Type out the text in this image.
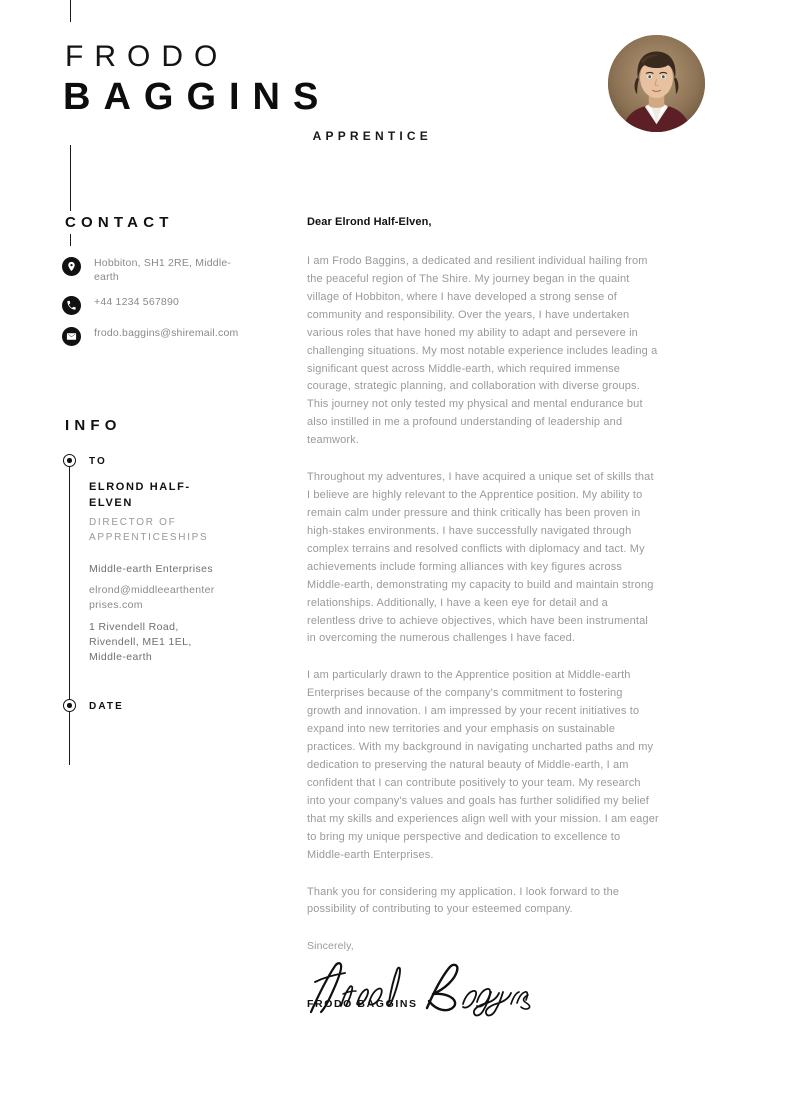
FRODO
BAGGINS
APPRENTICE
CONTACT
Hobbiton, SH1 2RE, Middle-earth
+44 1234 567890
frodo.baggins@shiremail.com
INFO
TO
ELROND HALF-ELVEN
DIRECTOR OF APPRENTICESHIPS
Middle-earth Enterprises
elrond@middleearthenterprises.com
1 Rivendell Road, Rivendell, ME1 1EL, Middle-earth
DATE
Dear Elrond Half-Elven,

I am Frodo Baggins, a dedicated and resilient individual hailing from the peaceful region of The Shire. My journey began in the quaint village of Hobbiton, where I have developed a strong sense of community and responsibility. Over the years, I have undertaken various roles that have honed my ability to adapt and persevere in challenging situations. My most notable experience includes leading a significant quest across Middle-earth, which required immense courage, strategic planning, and collaboration with diverse groups. This journey not only tested my physical and mental endurance but also instilled in me a profound understanding of leadership and teamwork.

Throughout my adventures, I have acquired a unique set of skills that I believe are highly relevant to the Apprentice position. My ability to remain calm under pressure and think critically has been proven in high-stakes environments. I have successfully navigated through complex terrains and resolved conflicts with diplomacy and tact. My achievements include forming alliances with key figures across Middle-earth, demonstrating my capacity to build and maintain strong relationships. Additionally, I have a keen eye for detail and a relentless drive to achieve objectives, which have been instrumental in overcoming the numerous challenges I have faced.

I am particularly drawn to the Apprentice position at Middle-earth Enterprises because of the company's commitment to fostering growth and innovation. I am impressed by your recent initiatives to expand into new territories and your emphasis on sustainable practices. With my background in navigating uncharted paths and my dedication to preserving the natural beauty of Middle-earth, I am confident that I can contribute positively to your team. My research into your company's values and goals has further solidified my belief that my skills and experiences align well with your mission. I am eager to bring my unique perspective and dedication to excellence to Middle-earth Enterprises.

Thank you for considering my application. I look forward to the possibility of contributing to your esteemed company.

Sincerely,
FRODO BAGGINS
